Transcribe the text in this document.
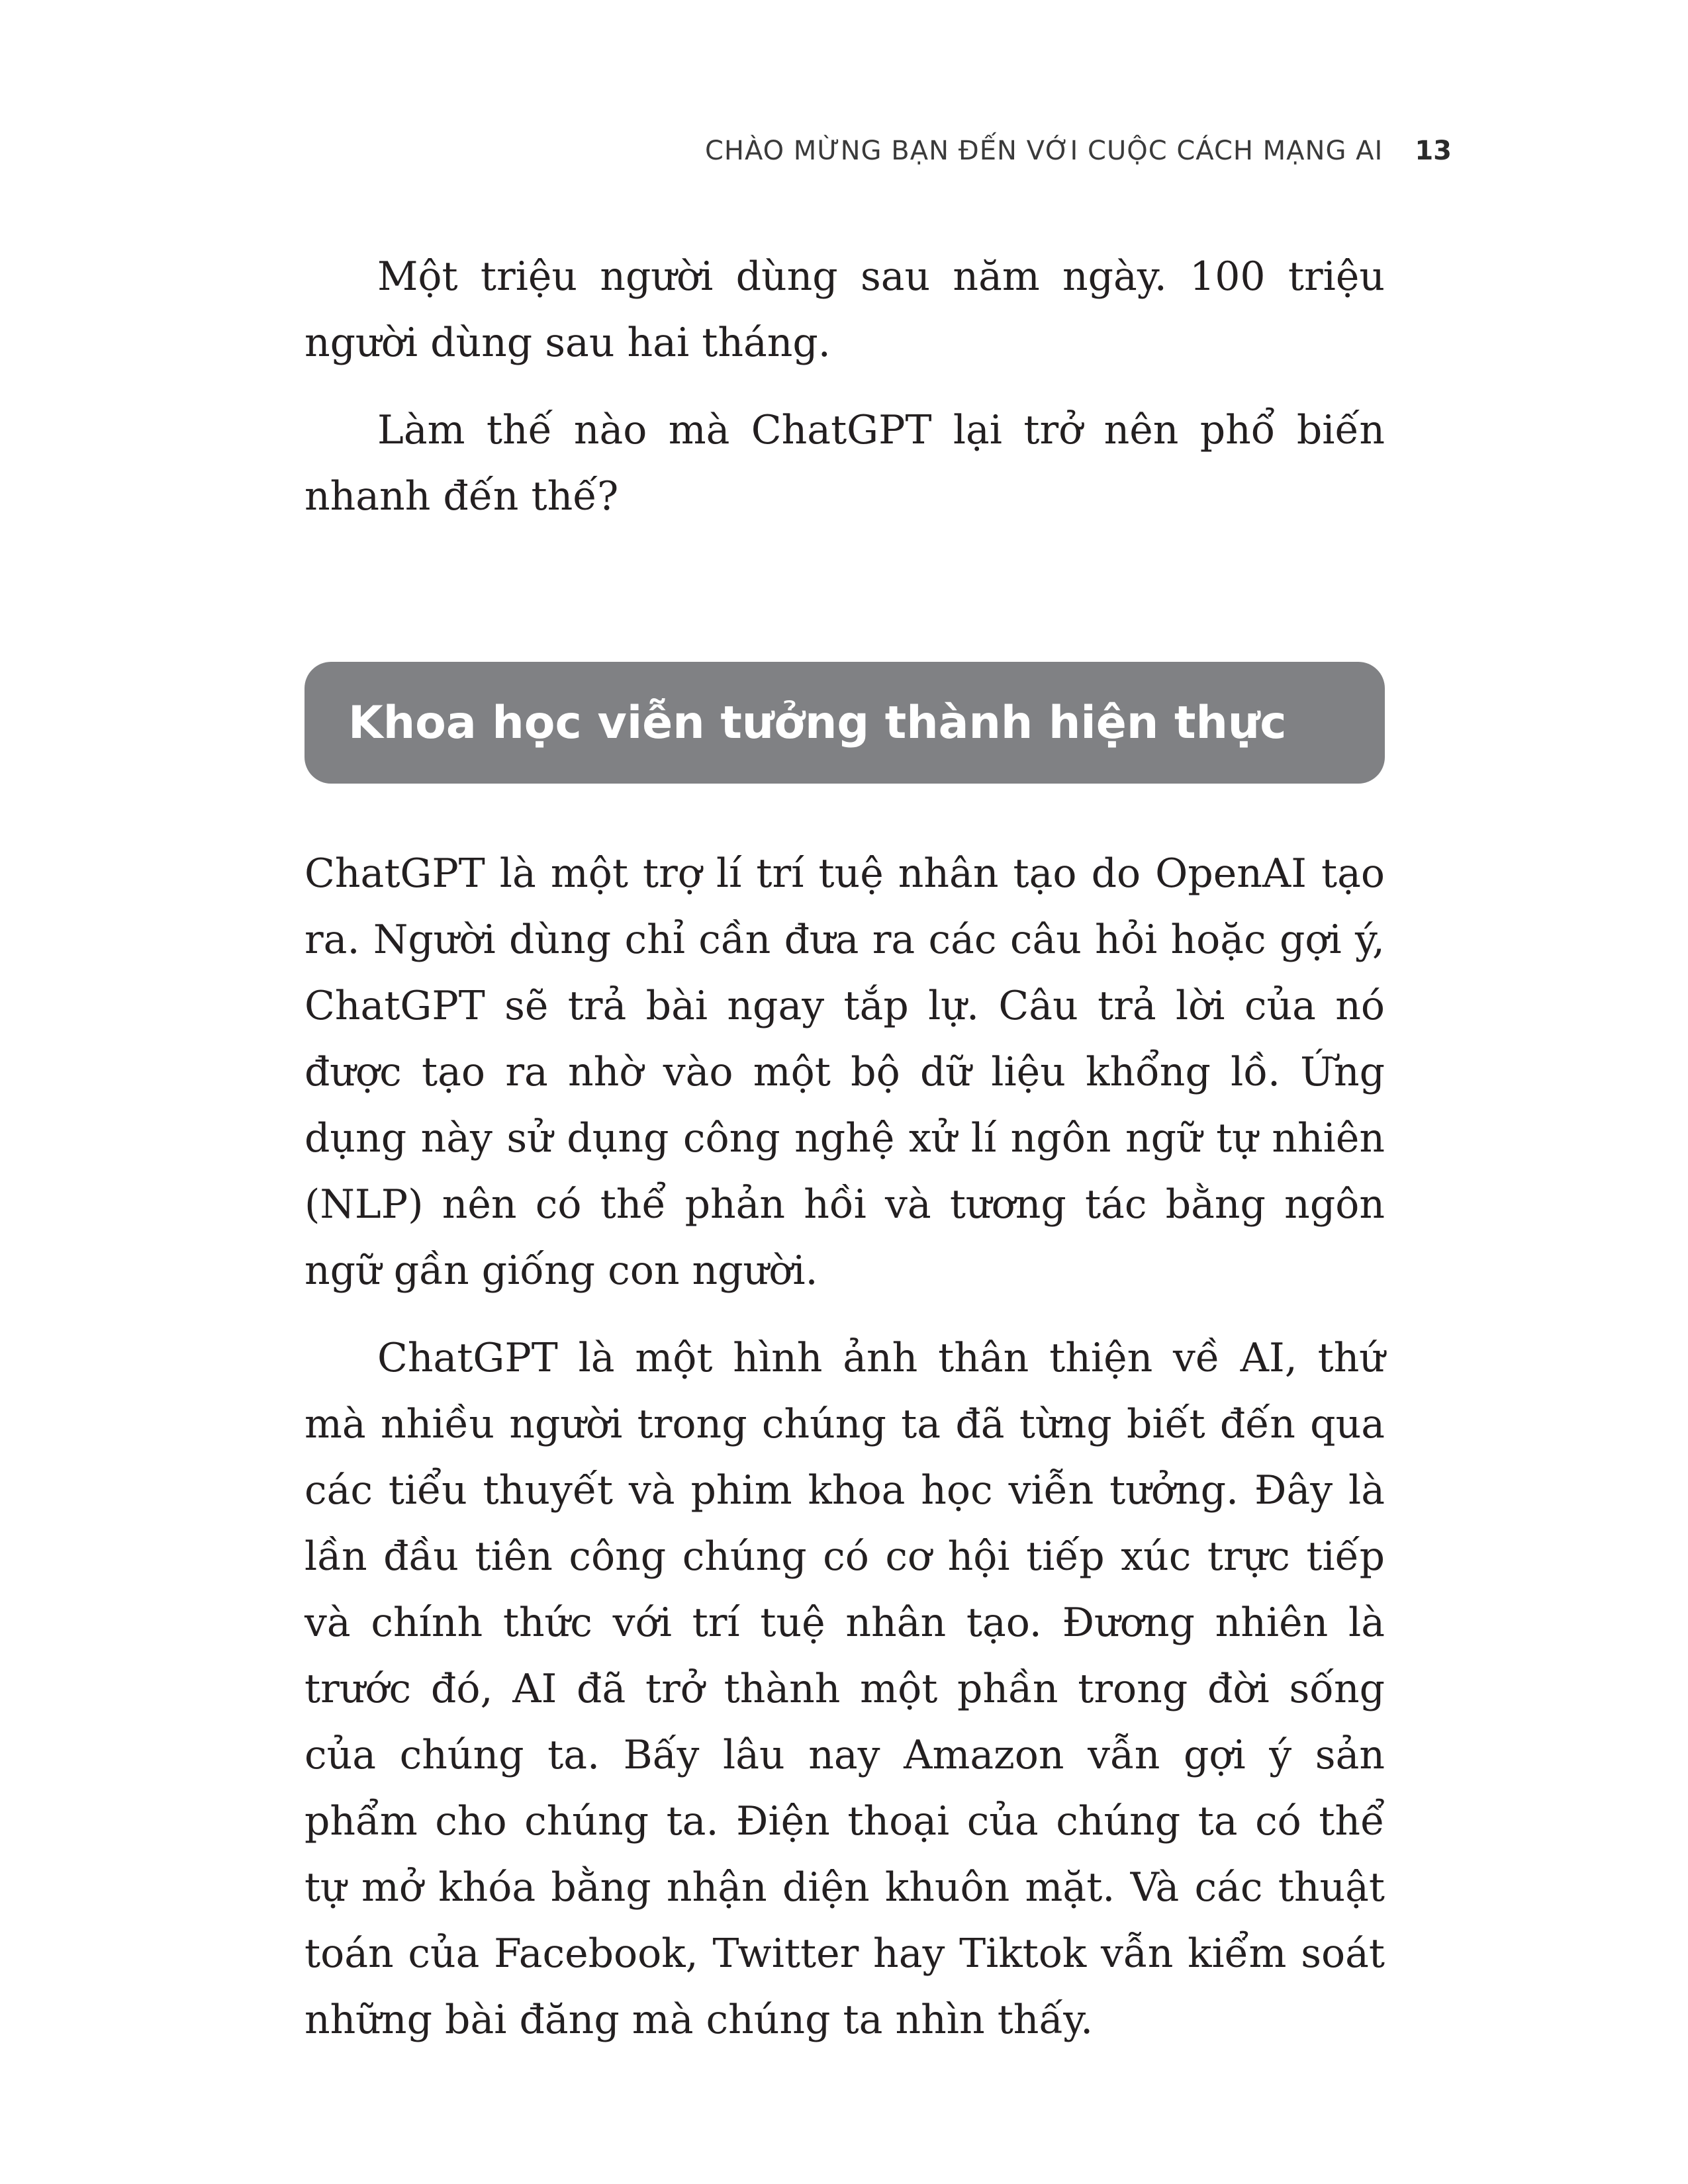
CHÀO MỪNG BẠN ĐẾN VỚI CUỘC CÁCH MẠNG AI 13

Một triệu người dùng sau năm ngày. 100 triệu người dùng sau hai tháng.

Làm thế nào mà ChatGPT lại trở nên phổ biến nhanh đến thế?

Khoa học viễn tưởng thành hiện thực

ChatGPT là một trợ lí trí tuệ nhân tạo do OpenAI tạo ra. Người dùng chỉ cần đưa ra các câu hỏi hoặc gợi ý, ChatGPT sẽ trả bài ngay tắp lự. Câu trả lời của nó được tạo ra nhờ vào một bộ dữ liệu khổng lồ. Ứng dụng này sử dụng công nghệ xử lí ngôn ngữ tự nhiên (NLP) nên có thể phản hồi và tương tác bằng ngôn ngữ gần giống con người.

ChatGPT là một hình ảnh thân thiện về AI, thứ mà nhiều người trong chúng ta đã từng biết đến qua các tiểu thuyết và phim khoa học viễn tưởng. Đây là lần đầu tiên công chúng có cơ hội tiếp xúc trực tiếp và chính thức với trí tuệ nhân tạo. Đương nhiên là trước đó, AI đã trở thành một phần trong đời sống của chúng ta. Bấy lâu nay Amazon vẫn gợi ý sản phẩm cho chúng ta. Điện thoại của chúng ta có thể tự mở khóa bằng nhận diện khuôn mặt. Và các thuật toán của Facebook, Twitter hay Tiktok vẫn kiểm soát những bài đăng mà chúng ta nhìn thấy.
